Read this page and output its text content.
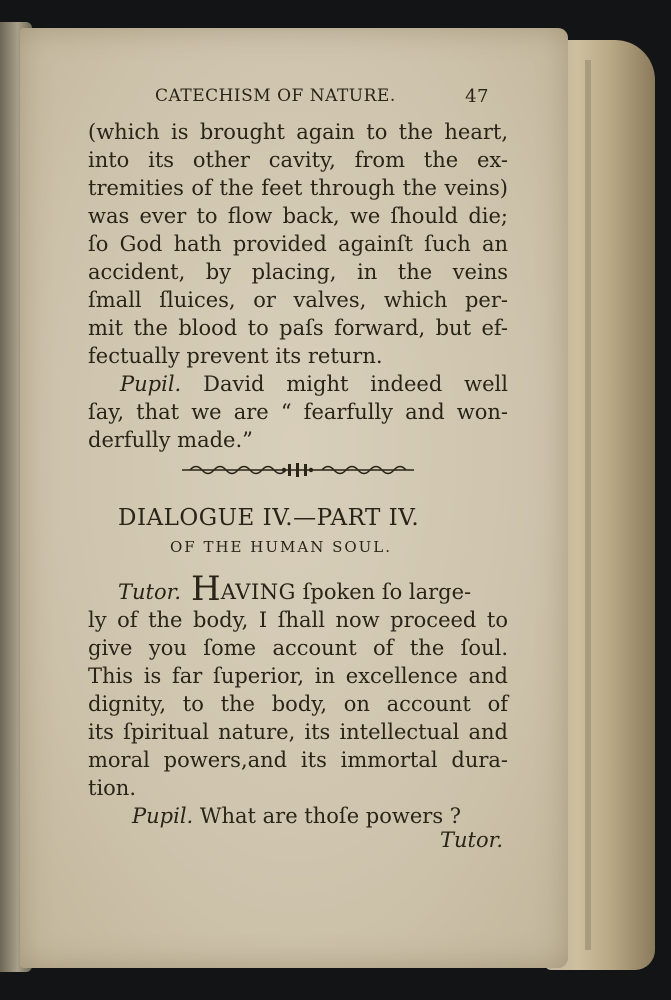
CATECHISM OF NATURE.	47
(which is brought again to the heart,
into its other cavity, from the ex-
tremities of the feet through the veins)
was ever to flow back, we ſhould die;
ſo God hath provided againſt ſuch an
accident, by placing, in the veins
ſmall ſluices, or valves, which per-
mit the blood to paſs forward, but ef-
fectually prevent its return.
Pupil. David might indeed well
ſay, that we are “ fearfully and won-
derfully made.”
DIALOGUE IV.—PART IV.
OF THE HUMAN SOUL.
Tutor. H AVING
ſpoken ſo large-
ly of the body, I ſhall now proceed to
give you ſome account of the ſoul.
This is far ſuperior, in excellence and
dignity, to the body, on account of
its ſpiritual nature, its intellectual and
moral powers,and its immortal dura-
tion.
Pupil. What are thoſe powers ?
Tutor.
